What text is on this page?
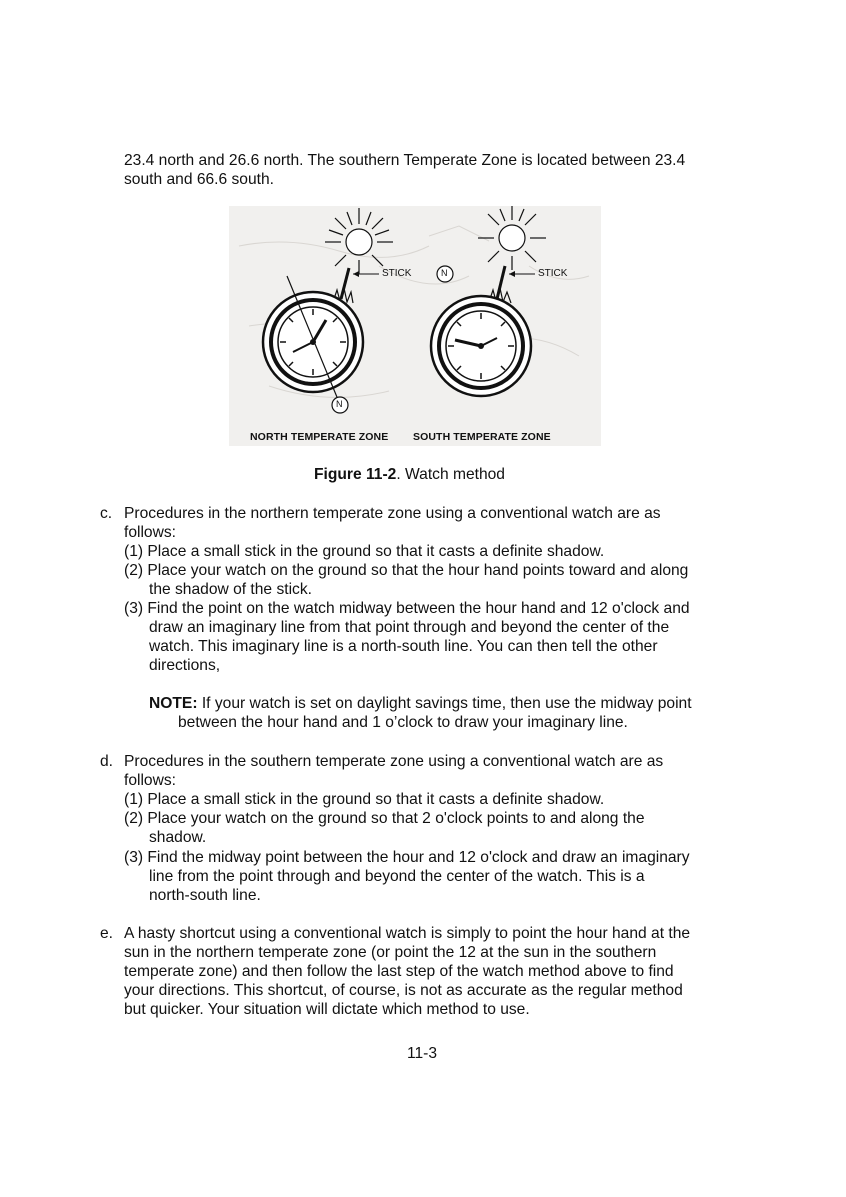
23.4 north and 26.6 north. The southern Temperate Zone is located between 23.4
south and 66.6 south.
STICK	STICK
N
N
NORTH TEMPERATE ZONE SOUTH TEMPERATE ZONE
Figure 11-2. Watch method
c. Procedures in the northern temperate zone using a conventional watch are as
follows:
(1) Place a small stick in the ground so that it casts a definite shadow.
(2) Place your watch on the ground so that the hour hand points toward and along
the shadow of the stick.
(3) Find the point on the watch midway between the hour hand and 12 o'clock and
draw an imaginary line from that point through and beyond the center of the
watch. This imaginary line is a north-south line. You can then tell the other
directions,
NOTE: If your watch is set on daylight savings time, then use the midway point
between the hour hand and 1 o’clock to draw your imaginary line.
d. Procedures in the southern temperate zone using a conventional watch are as
follows:
(1) Place a small stick in the ground so that it casts a definite shadow.
(2) Place your watch on the ground so that 2 o'clock points to and along the
shadow.
(3) Find the midway point between the hour and 12 o'clock and draw an imaginary
line from the point through and beyond the center of the watch. This is a
north-south line.
e. A hasty shortcut using a conventional watch is simply to point the hour hand at the
sun in the northern temperate zone (or point the 12 at the sun in the southern
temperate zone) and then follow the last step of the watch method above to find
your directions. This shortcut, of course, is not as accurate as the regular method
but quicker. Your situation will dictate which method to use.
11-3
